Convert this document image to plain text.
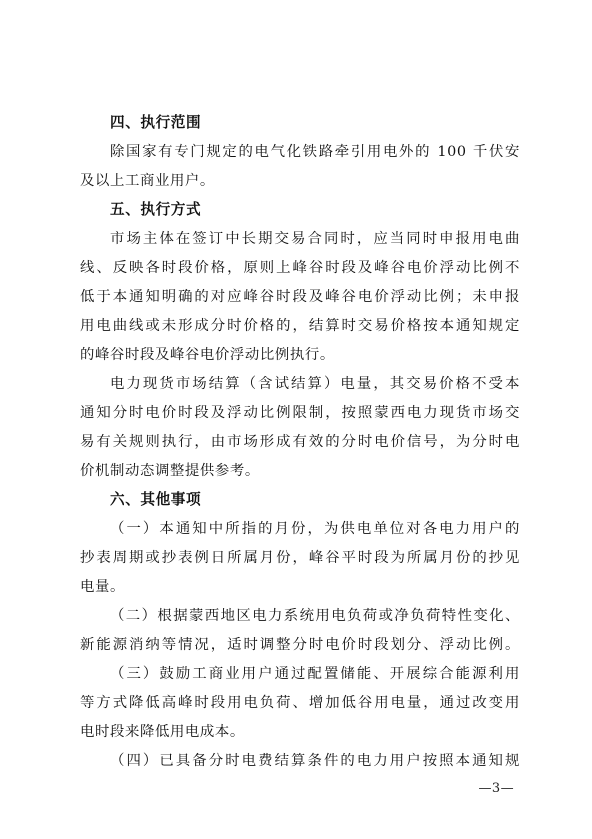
四、执行范围
除国家有专门规定的电气化铁路牵引用电外的 100 千伏安
及以上工商业用户。
五、执行方式
市场主体在签订中长期交易合同时，应当同时申报用电曲
线、反映各时段价格，原则上峰谷时段及峰谷电价浮动比例不
低于本通知明确的对应峰谷时段及峰谷电价浮动比例；未申报
用电曲线或未形成分时价格的，结算时交易价格按本通知规定
的峰谷时段及峰谷电价浮动比例执行。
电力现货市场结算（含试结算）电量，其交易价格不受本
通知分时电价时段及浮动比例限制，按照蒙西电力现货市场交
易有关规则执行，由市场形成有效的分时电价信号，为分时电
价机制动态调整提供参考。
六、其他事项
（一）本通知中所指的月份，为供电单位对各电力用户的
抄表周期或抄表例日所属月份，峰谷平时段为所属月份的抄见
电量。
（二）根据蒙西地区电力系统用电负荷或净负荷特性变化、
新能源消纳等情况，适时调整分时电价时段划分、浮动比例。
（三）鼓励工商业用户通过配置储能、开展综合能源利用
等方式降低高峰时段用电负荷、增加低谷用电量，通过改变用
电时段来降低用电成本。
（四）已具备分时电费结算条件的电力用户按照本通知规
—3—
